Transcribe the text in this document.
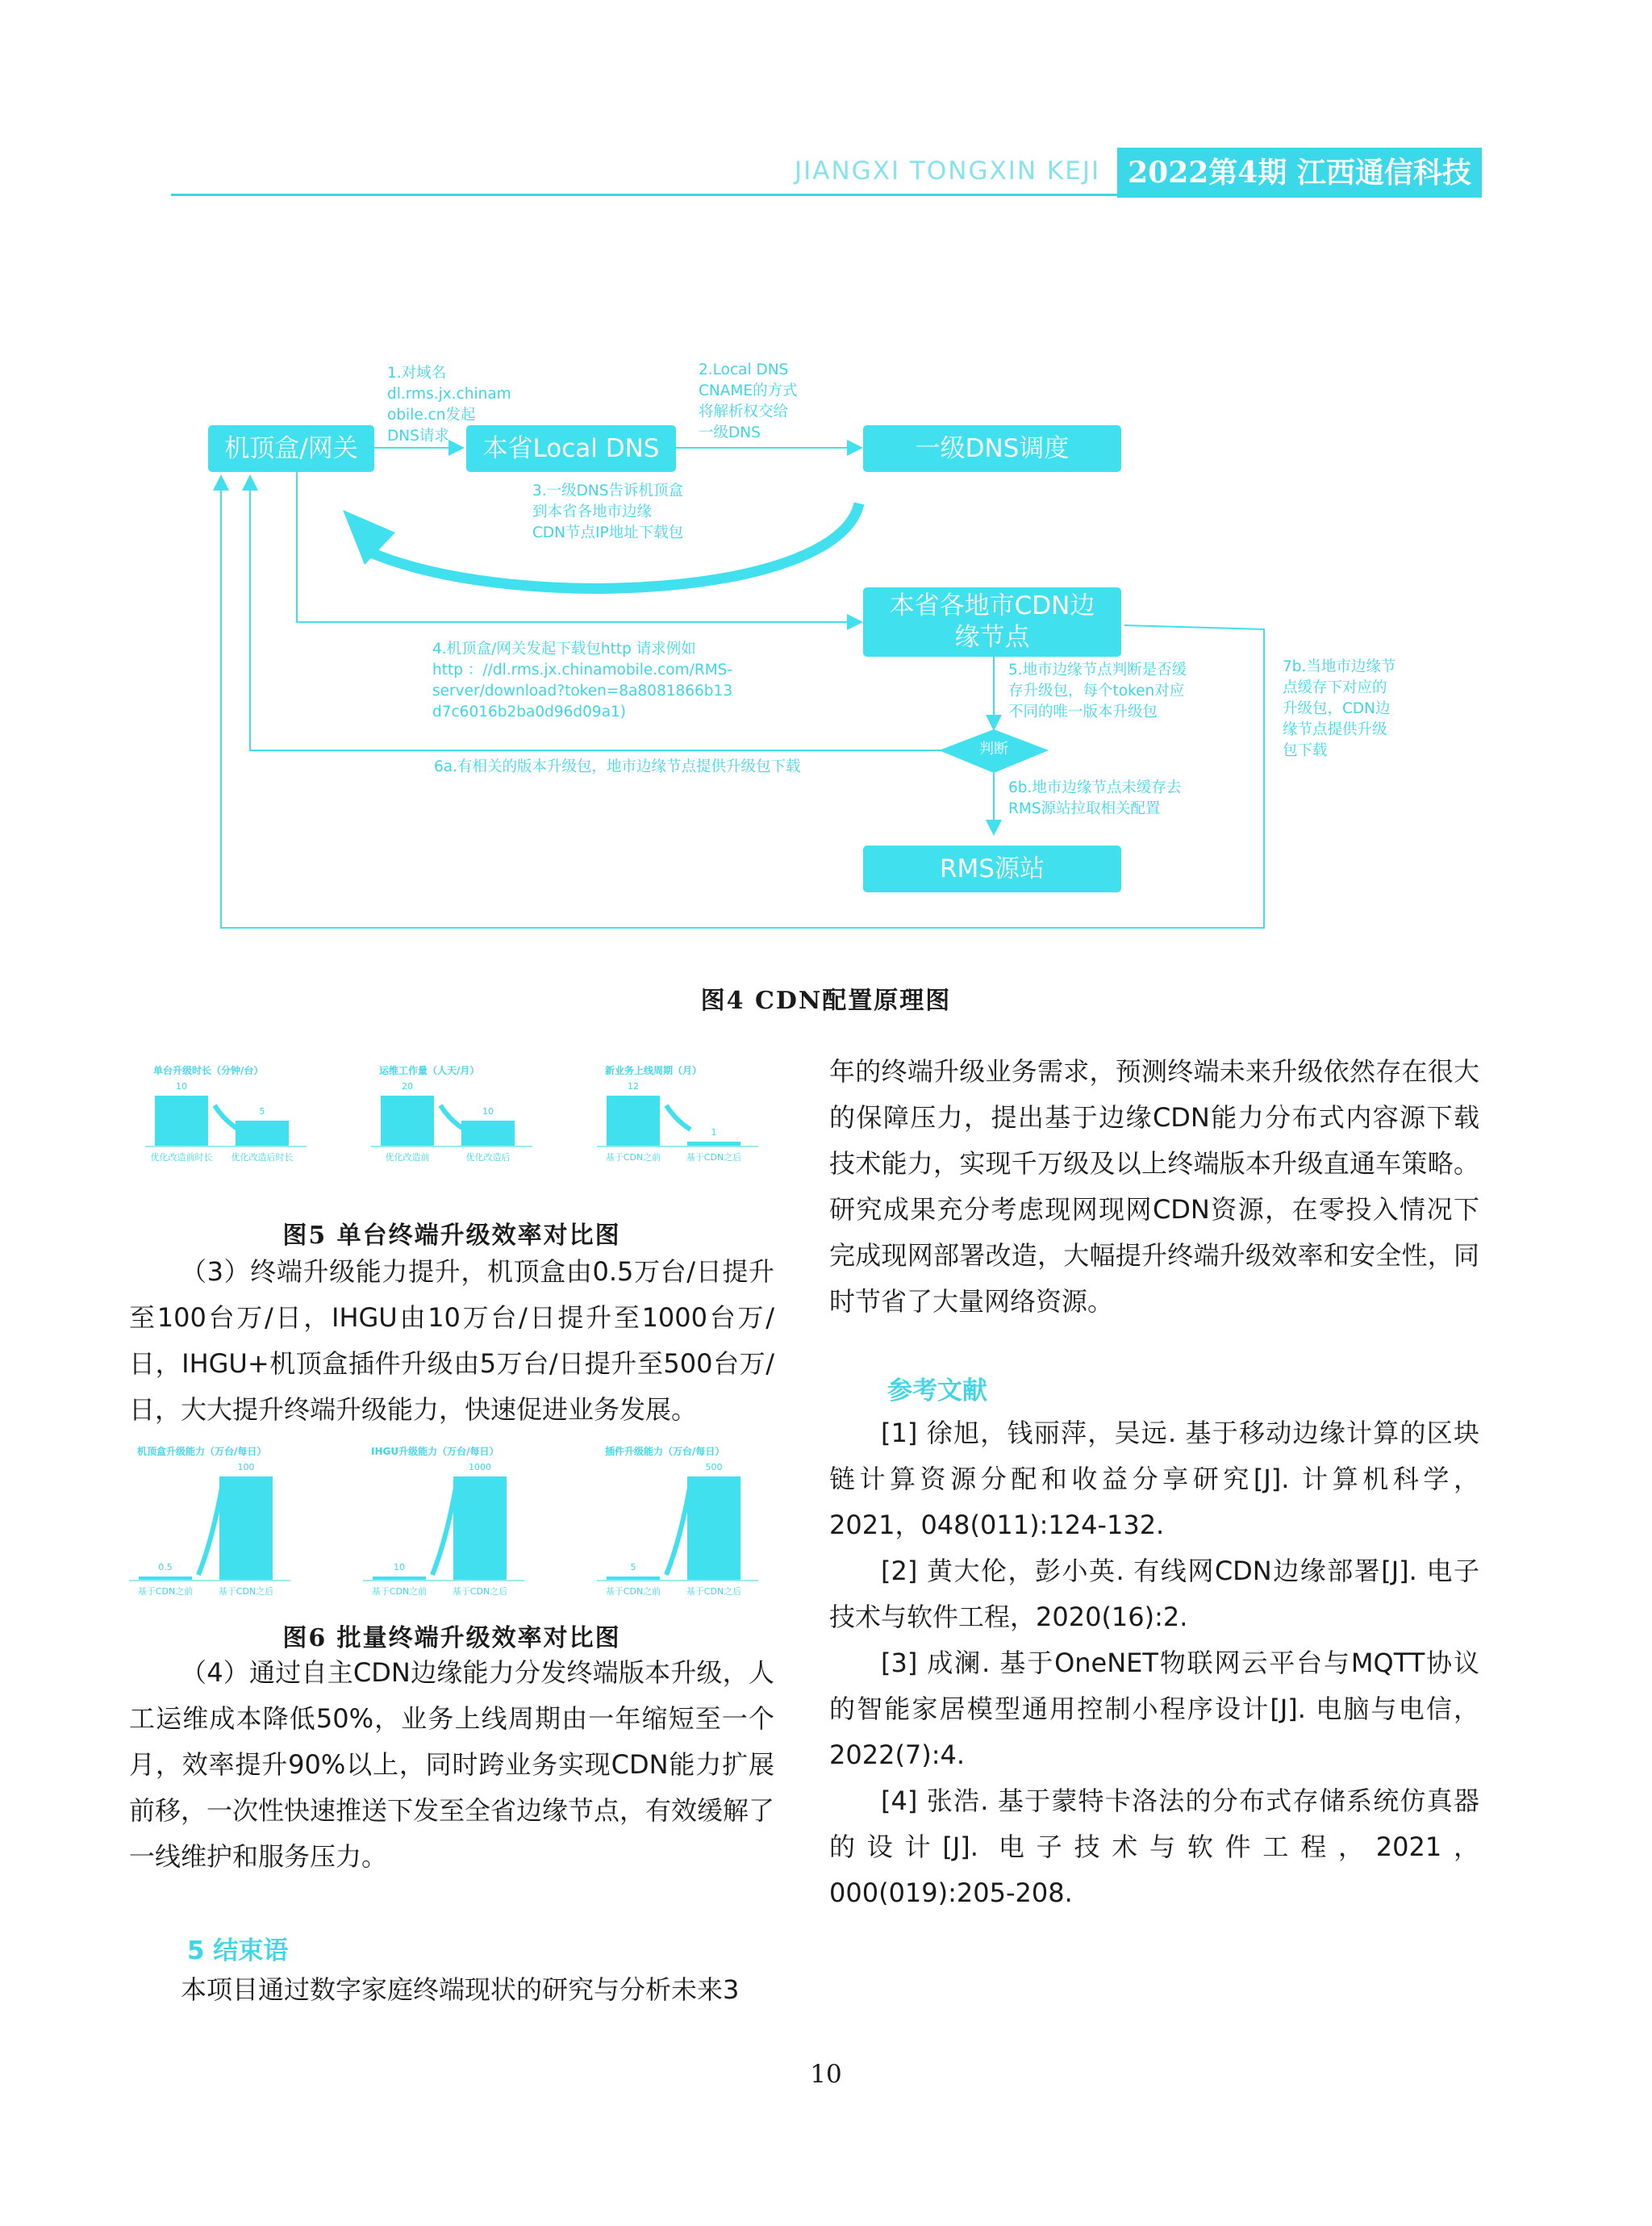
JIANGXI TONGXIN KEJI 2022第4期 江西通信科技
机顶盒/网关	本省Local DNS	一级DNS调度
本省各地市CDN边缘节点
判断
RMS源站
1.对域名
dl.rms.jx.chinam
obile.cn发起
DNS请求
2.Local DNS
CNAME的方式
将解析权交给
一级DNS
3.一级DNS告诉机顶盒
到本省各地市边缘
CDN节点IP地址下载包
4.机顶盒/网关发起下载包http 请求例如
http ：//dl.rms.jx.chinamobile.com/RMS-
server/download?token=8a8081866b13
d7c6016b2ba0d96d09a1)
5.地市边缘节点判断是否缓
存升级包，每个token对应
不同的唯一版本升级包
6a.有相关的版本升级包，地市边缘节点提供升级包下载
6b.地市边缘节点未缓存去
RMS源站拉取相关配置
7b.当地市边缘节
点缓存下对应的
升级包，CDN边
缘节点提供升级
包下载
图4 CDN配置原理图
单台升级时长（分钟/台）
10
优化改造前时长
5
优化改造后时长
运维工作量（人天/月）
20
优化改造前
10
优化改造后
新业务上线周期（月）
12
基于CDN之前
1
基于CDN之后
图5 单台终端升级效率对比图

（3）终端升级能力提升，机顶盒由0.5万台/日提升至100台万/日，IHGU由10万台/日提升至1000台万/日，IHGU+机顶盒插件升级由5万台/日提升至500台万/日，大大提升终端升级能力，快速促进业务发展。

机顶盒升级能力（万台/每日）
0.5
基于CDN之前
100
基于CDN之后
IHGU升级能力（万台/每日）
10
基于CDN之前
1000
基于CDN之后
插件升级能力（万台/每日）
5
基于CDN之前
500
基于CDN之后
图6 批量终端升级效率对比图

（4）通过自主CDN边缘能力分发终端版本升级，人工运维成本降低50%，业务上线周期由一年缩短至一个月，效率提升90%以上，同时跨业务实现CDN能力扩展前移，一次性快速推送下发至全省边缘节点，有效缓解了一线维护和服务压力。

5 结束语

本项目通过数字家庭终端现状的研究与分析未来3

年的终端升级业务需求，预测终端未来升级依然存在很大的保障压力，提出基于边缘CDN能力分布式内容源下载技术能力，实现千万级及以上终端版本升级直通车策略。研究成果充分考虑现网现网CDN资源，在零投入情况下完成现网部署改造，大幅提升终端升级效率和安全性，同时节省了大量网络资源。

参考文献

[1] 徐旭，钱丽萍，吴远. 基于移动边缘计算的区块链计算资源分配和收益分享研究[J]. 计算机科学，2021，048(011):124-132.

[2] 黄大伦，彭小英. 有线网CDN边缘部署[J]. 电子技术与软件工程，2020(16):2.

[3] 成澜. 基于OneNET物联网云平台与MQTT协议的智能家居模型通用控制小程序设计[J]. 电脑与电信，2022(7):4.

[4] 张浩. 基于蒙特卡洛法的分布式存储系统仿真器的设计[J]. 电子技术与软件工程，2021，000(019):205-208.

10
